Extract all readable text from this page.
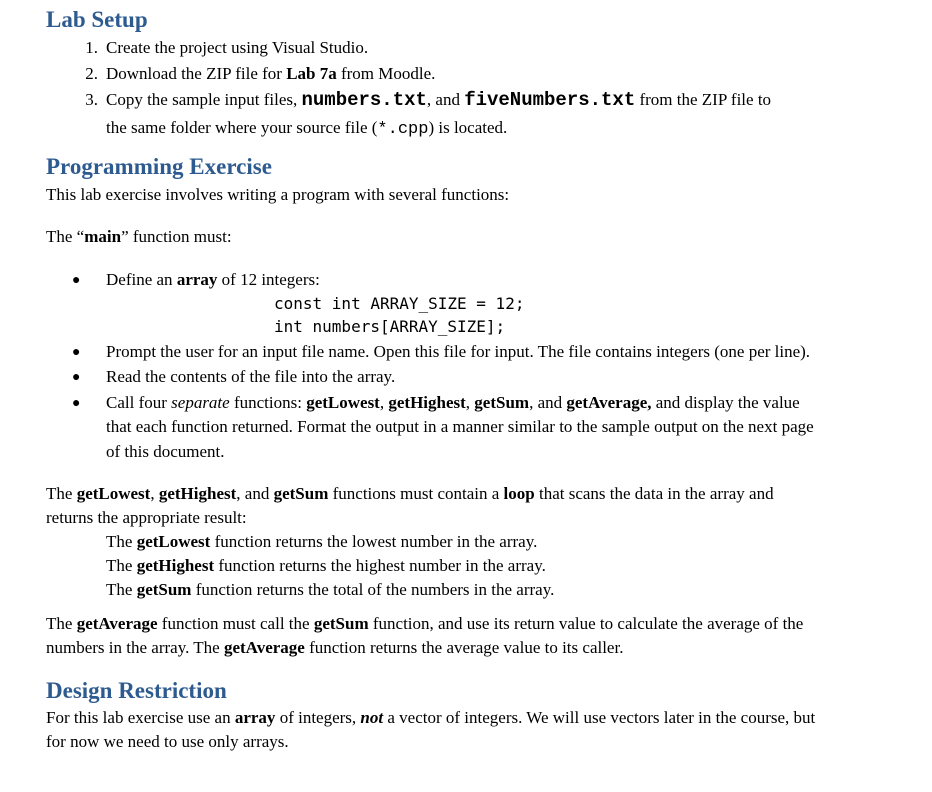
Lab Setup
1. Create the project using Visual Studio.
2. Download the ZIP file for Lab 7a from Moodle.
3. Copy the sample input files, numbers.txt, and fiveNumbers.txt from the ZIP file to
the same folder where your source file (*.cpp) is located.
Programming Exercise
This lab exercise involves writing a program with several functions:
The “main” function must:
● Define an array of 12 integers:
const int ARRAY_SIZE = 12;
int numbers[ARRAY_SIZE];
● Prompt the user for an input file name. Open this file for input. The file contains integers (one per line).
● Read the contents of the file into the array.
● Call four separate functions: getLowest, getHighest, getSum, and getAverage, and display the value
that each function returned. Format the output in a manner similar to the sample output on the next page
of this document.
The getLowest, getHighest, and getSum functions must contain a loop that scans the data in the array and
returns the appropriate result:
The getLowest function returns the lowest number in the array.
The getHighest function returns the highest number in the array.
The getSum function returns the total of the numbers in the array.
The getAverage function must call the getSum function, and use its return value to calculate the average of the
numbers in the array. The getAverage function returns the average value to its caller.
Design Restriction
For this lab exercise use an array of integers, not a vector of integers. We will use vectors later in the course, but
for now we need to use only arrays.
